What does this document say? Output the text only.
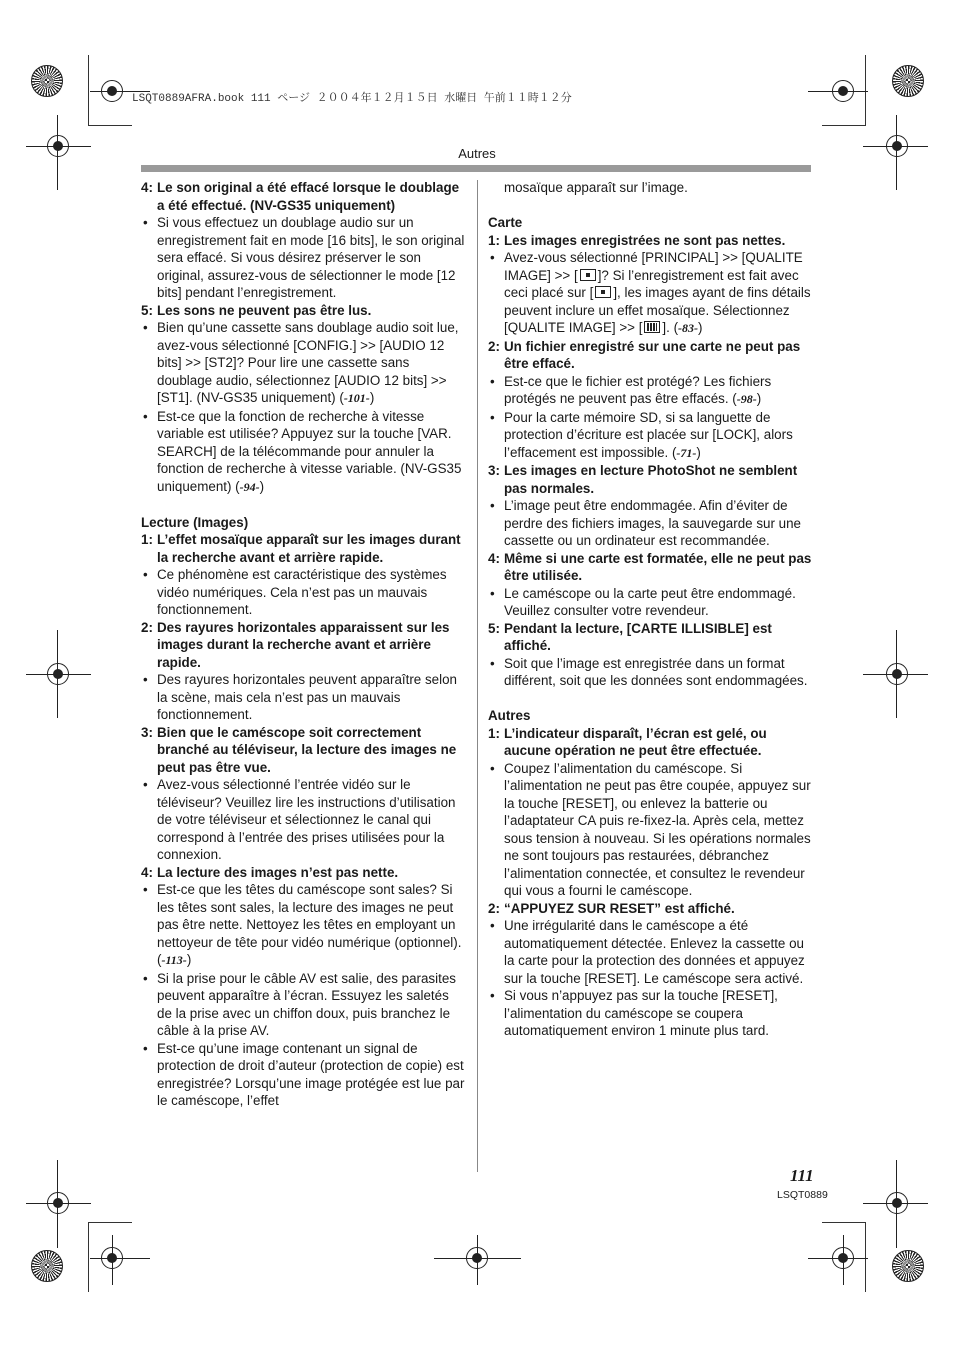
LSQT0889AFRA.book 111 ページ ２００４年１２月１５日 水曜日 午前１１時１２分
Autres
4: Le son original a été effacé lorsque le doublage a été effectué. (NV-GS35 uniquement)
• Si vous effectuez un doublage audio sur un enregistrement fait en mode [16 bits], le son original sera effacé. Si vous désirez préserver le son original, assurez-vous de sélectionner le mode [12 bits] pendant l’enregistrement.
5: Les sons ne peuvent pas être lus.
• Bien qu’une cassette sans doublage audio soit lue, avez-vous sélectionné [CONFIG.] >> [AUDIO 12 bits] >> [ST2]? Pour lire une cassette sans doublage audio, sélectionnez [AUDIO 12 bits] >> [ST1]. (NV-GS35 uniquement) (-101-)
• Est-ce que la fonction de recherche à vitesse variable est utilisée? Appuyez sur la touche [VAR. SEARCH] de la télécommande pour annuler la fonction de recherche à vitesse variable. (NV-GS35 uniquement) (-94-)
Lecture (Images)
1: L’effet mosaïque apparaît sur les images durant la recherche avant et arrière rapide.
• Ce phénomène est caractéristique des systèmes vidéo numériques. Cela n’est pas un mauvais fonctionnement.
2: Des rayures horizontales apparaissent sur les images durant la recherche avant et arrière rapide.
• Des rayures horizontales peuvent apparaître selon la scène, mais cela n’est pas un mauvais fonctionnement.
3: Bien que le caméscope soit correctement branché au téléviseur, la lecture des images ne peut pas être vue.
• Avez-vous sélectionné l’entrée vidéo sur le téléviseur? Veuillez lire les instructions d’utilisation de votre téléviseur et sélectionnez le canal qui correspond à l’entrée des prises utilisées pour la connexion.
4: La lecture des images n’est pas nette.
• Est-ce que les têtes du caméscope sont sales? Si les têtes sont sales, la lecture des images ne peut pas être nette. Nettoyez les têtes en employant un nettoyeur de tête pour vidéo numérique (optionnel). (-113-)
• Si la prise pour le câble AV est salie, des parasites peuvent apparaître à l’écran. Essuyez les saletés de la prise avec un chiffon doux, puis branchez le câble à la prise AV.
• Est-ce qu’une image contenant un signal de protection de droit d’auteur (protection de copie) est enregistrée? Lorsqu’une image protégée est lue par le caméscope, l’effet
mosaïque apparaît sur l’image.
Carte
1: Les images enregistrées ne sont pas nettes.
• Avez-vous sélectionné [PRINCIPAL] >> [QUALITE IMAGE] >> [ ]? Si l’enregistrement est fait avec ceci placé sur [ ], les images ayant de fins détails peuvent inclure un effet mosaïque. Sélectionnez [QUALITE IMAGE] >> [ ]. (-83-)
2: Un fichier enregistré sur une carte ne peut pas être effacé.
• Est-ce que le fichier est protégé? Les fichiers protégés ne peuvent pas être effacés. (-98-)
• Pour la carte mémoire SD, si sa languette de protection d’écriture est placée sur [LOCK], alors l’effacement est impossible. (-71-)
3: Les images en lecture PhotoShot ne semblent pas normales.
• L’image peut être endommagée. Afin d’éviter de perdre des fichiers images, la sauvegarde sur une cassette ou un ordinateur est recommandée.
4: Même si une carte est formatée, elle ne peut pas être utilisée.
• Le caméscope ou la carte peut être endommagé. Veuillez consulter votre revendeur.
5: Pendant la lecture, [CARTE ILLISIBLE] est affiché.
• Soit que l’image est enregistrée dans un format différent, soit que les données sont endommagées.
Autres
1: L’indicateur disparaît, l’écran est gelé, ou aucune opération ne peut être effectuée.
• Coupez l’alimentation du caméscope. Si l’alimentation ne peut pas être coupée, appuyez sur la touche [RESET], ou enlevez la batterie ou l’adaptateur CA puis re-fixez-la. Après cela, mettez sous tension à nouveau. Si les opérations normales ne sont toujours pas restaurées, débranchez l’alimentation connectée, et consultez le revendeur qui vous a fourni le caméscope.
2: “APPUYEZ SUR RESET” est affiché.
• Une irrégularité dans le caméscope a été automatiquement détectée. Enlevez la cassette ou la carte pour la protection des données et appuyez sur la touche [RESET]. Le caméscope sera activé.
• Si vous n’appuyez pas sur la touche [RESET], l’alimentation du caméscope se coupera automatiquement environ 1 minute plus tard.
111
LSQT0889
